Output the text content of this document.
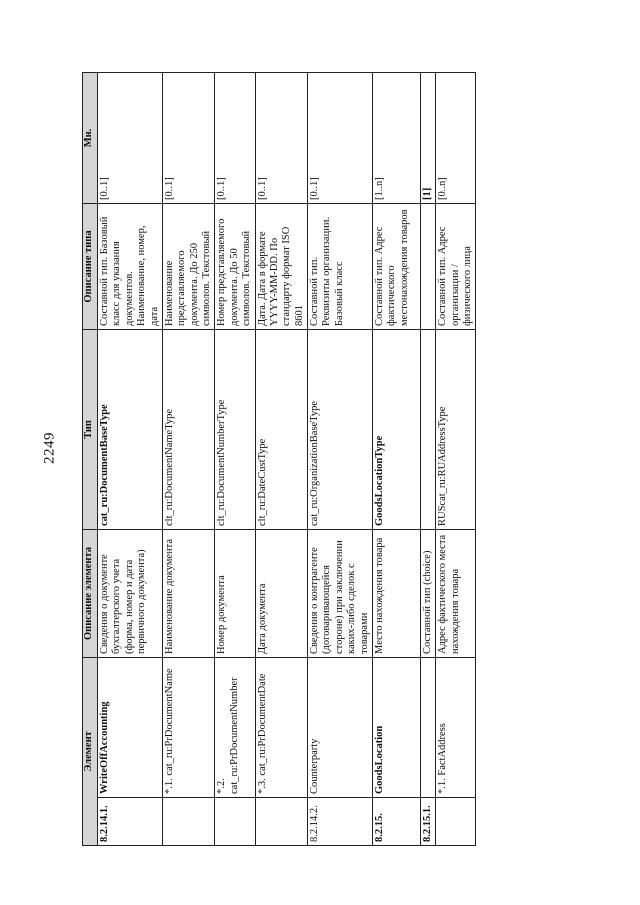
2249
Элемент		Описание элемента	Тип	Описание типа	Мн.
8.2.14.1.	WriteOffAccounting	Сведения о документе бухгалтерского учета (форма, номер и дата первичного документа)	cat_ru:DocumentBaseType	Составной тип. Базовый класс для указания документов. Наименование, номер, дата	[0..1]
	*.1. cat_ru:PrDocumentName	Наименование документа	clt_ru:DocumentNameType	Наименование представляемого документа. До 250 символов. Текстовый	[0..1]
	*.2. cat_ru:PrDocumentNumber	Номер документа	clt_ru:DocumentNumberType	Номер представляемого документа. До 50 символов. Текстовый	[0..1]
	*.3. cat_ru:PrDocumentDate	Дата документа	clt_ru:DateCustType	Дата. Дата в формате YYYY-MM-DD. По стандарту формат ISO 8601	[0..1]
8.2.14.2.	Counterparty	Сведения о контрагенте (договаривающейся стороне) при заключении каких-либо сделок с товарами	cat_ru:OrganizationBaseType	Составной тип. Реквизиты организации. Базовый класс	[0..1]
8.2.15.	GoodsLocation	Место нахождения товара	GoodsLocationType	Составной тип. Адрес фактического местонахождения товаров	[1..n]
8.2.15.1.		Составной тип (choice)			[1]
	*.1. FactAddress	Адрес фактического места нахождения товара	RUScat_ru:RUAddressType	Составной тип. Адрес организации / физического лица	[0..n]
